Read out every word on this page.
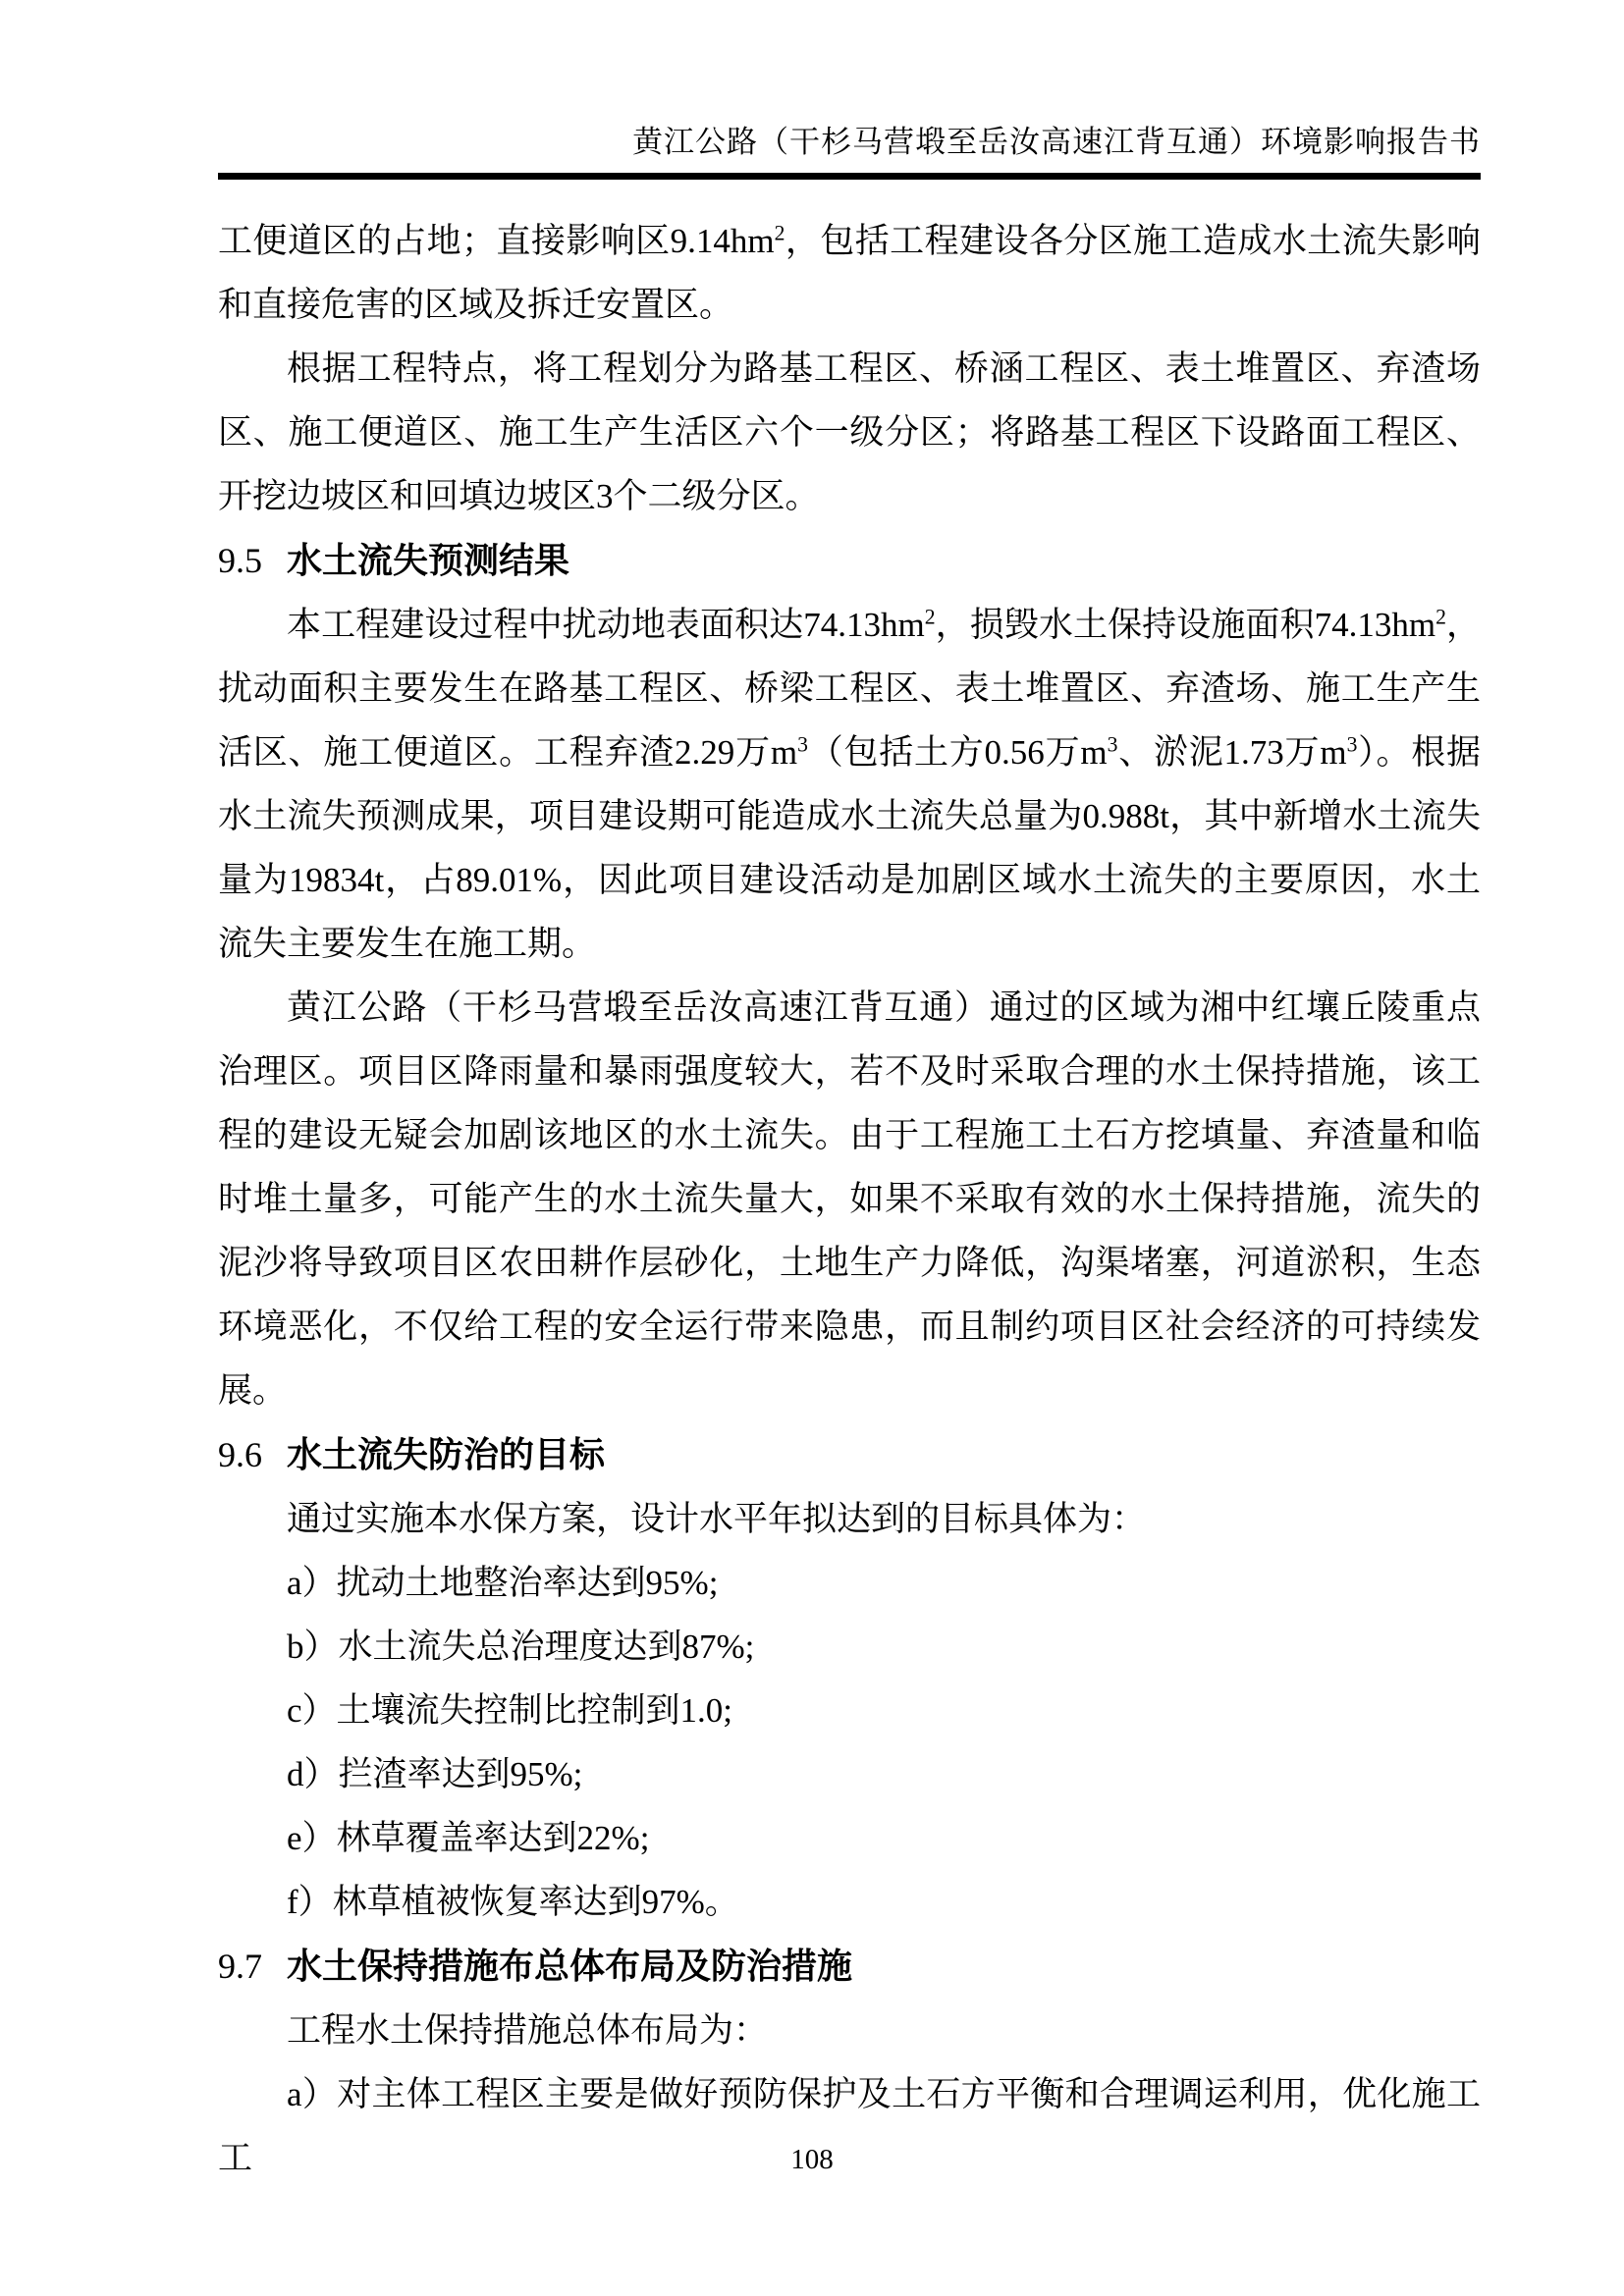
黄江公路（干杉马营塅至岳汝高速江背互通）环境影响报告书

工便道区的占地；直接影响区$9.14hm^2$，包括工程建设各分区施工造成水土流失影响和直接危害的区域及拆迁安置区。

根据工程特点，将工程划分为路基工程区、桥涵工程区、表土堆置区、弃渣场区、施工便道区、施工生产生活区六个一级分区；将路基工程区下设路面工程区、开挖边坡区和回填边坡区3个二级分区。

9.5 水土流失预测结果

本工程建设过程中扰动地表面积达$74.13hm^2$，损毁水土保持设施面积$74.13hm^2$，扰动面积主要发生在路基工程区、桥梁工程区、表土堆置区、弃渣场、施工生产生活区、施工便道区。工程弃渣2.29万$m^3$（包括土方0.56万$m^3$、淤泥1.73万$m^3$）。根据水土流失预测成果，项目建设期可能造成水土流失总量为0.988t，其中新增水土流失量为19834t，占89.01%，因此项目建设活动是加剧区域水土流失的主要原因，水土流失主要发生在施工期。

黄江公路（干杉马营塅至岳汝高速江背互通）通过的区域为湘中红壤丘陵重点治理区。项目区降雨量和暴雨强度较大，若不及时采取合理的水土保持措施，该工程的建设无疑会加剧该地区的水土流失。由于工程施工土石方挖填量、弃渣量和临时堆土量多，可能产生的水土流失量大，如果不采取有效的水土保持措施，流失的泥沙将导致项目区农田耕作层砂化，土地生产力降低，沟渠堵塞，河道淤积，生态环境恶化，不仅给工程的安全运行带来隐患，而且制约项目区社会经济的可持续发展。

9.6 水土流失防治的目标

通过实施本水保方案，设计水平年拟达到的目标具体为：

a）扰动土地整治率达到95%;

b）水土流失总治理度达到87%;

c）土壤流失控制比控制到1.0;

d）拦渣率达到95%;

e）林草覆盖率达到22%;

f）林草植被恢复率达到97%。

9.7 水土保持措施布总体布局及防治措施

工程水土保持措施总体布局为：

a）对主体工程区主要是做好预防保护及土石方平衡和合理调运利用，优化施工工	108
